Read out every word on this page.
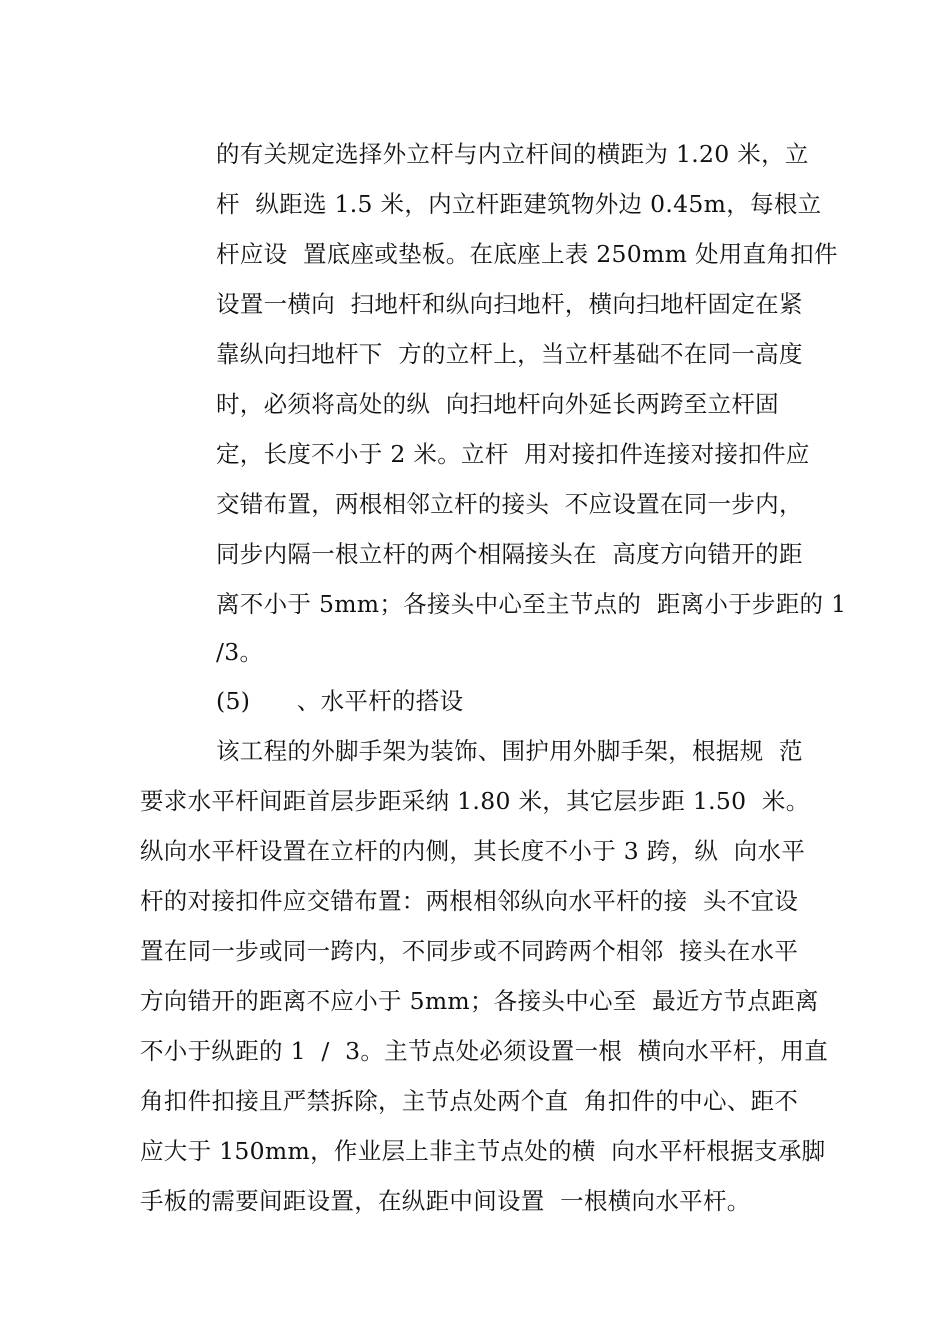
的有关规定选择外立杆与内立杆间的横距为 1.20 米，立
杆  纵距选 1.5 米，内立杆距建筑物外边 0.45m，每根立
杆应设  置底座或垫板。在底座上表 250mm 处用直角扣件
设置一横向  扫地杆和纵向扫地杆，横向扫地杆固定在紧
靠纵向扫地杆下  方的立杆上，当立杆基础不在同一高度
时，必须将高处的纵  向扫地杆向外延长两跨至立杆固
定，长度不小于 2 米。立杆  用对接扣件连接对接扣件应
交错布置，两根相邻立杆的接头  不应设置在同一步内，
同步内隔一根立杆的两个相隔接头在  高度方向错开的距
离不小于 5mm；各接头中心至主节点的  距离小于步距的 1
/3。
(5)      、水平杆的搭设
该工程的外脚手架为装饰、围护用外脚手架，根据规  范
要求水平杆间距首层步距采纳 1.80 米，其它层步距 1.50  米。
纵向水平杆设置在立杆的内侧，其长度不小于 3 跨，纵  向水平
杆的对接扣件应交错布置：两根相邻纵向水平杆的接  头不宜设
置在同一步或同一跨内，不同步或不同跨两个相邻  接头在水平
方向错开的距离不应小于 5mm；各接头中心至  最近方节点距离
不小于纵距的 1  /  3。主节点处必须设置一根  横向水平杆，用直
角扣件扣接且严禁拆除，主节点处两个直  角扣件的中心、距不
应大于 150mm，作业层上非主节点处的横  向水平杆根据支承脚
手板的需要间距设置，在纵距中间设置  一根横向水平杆。
